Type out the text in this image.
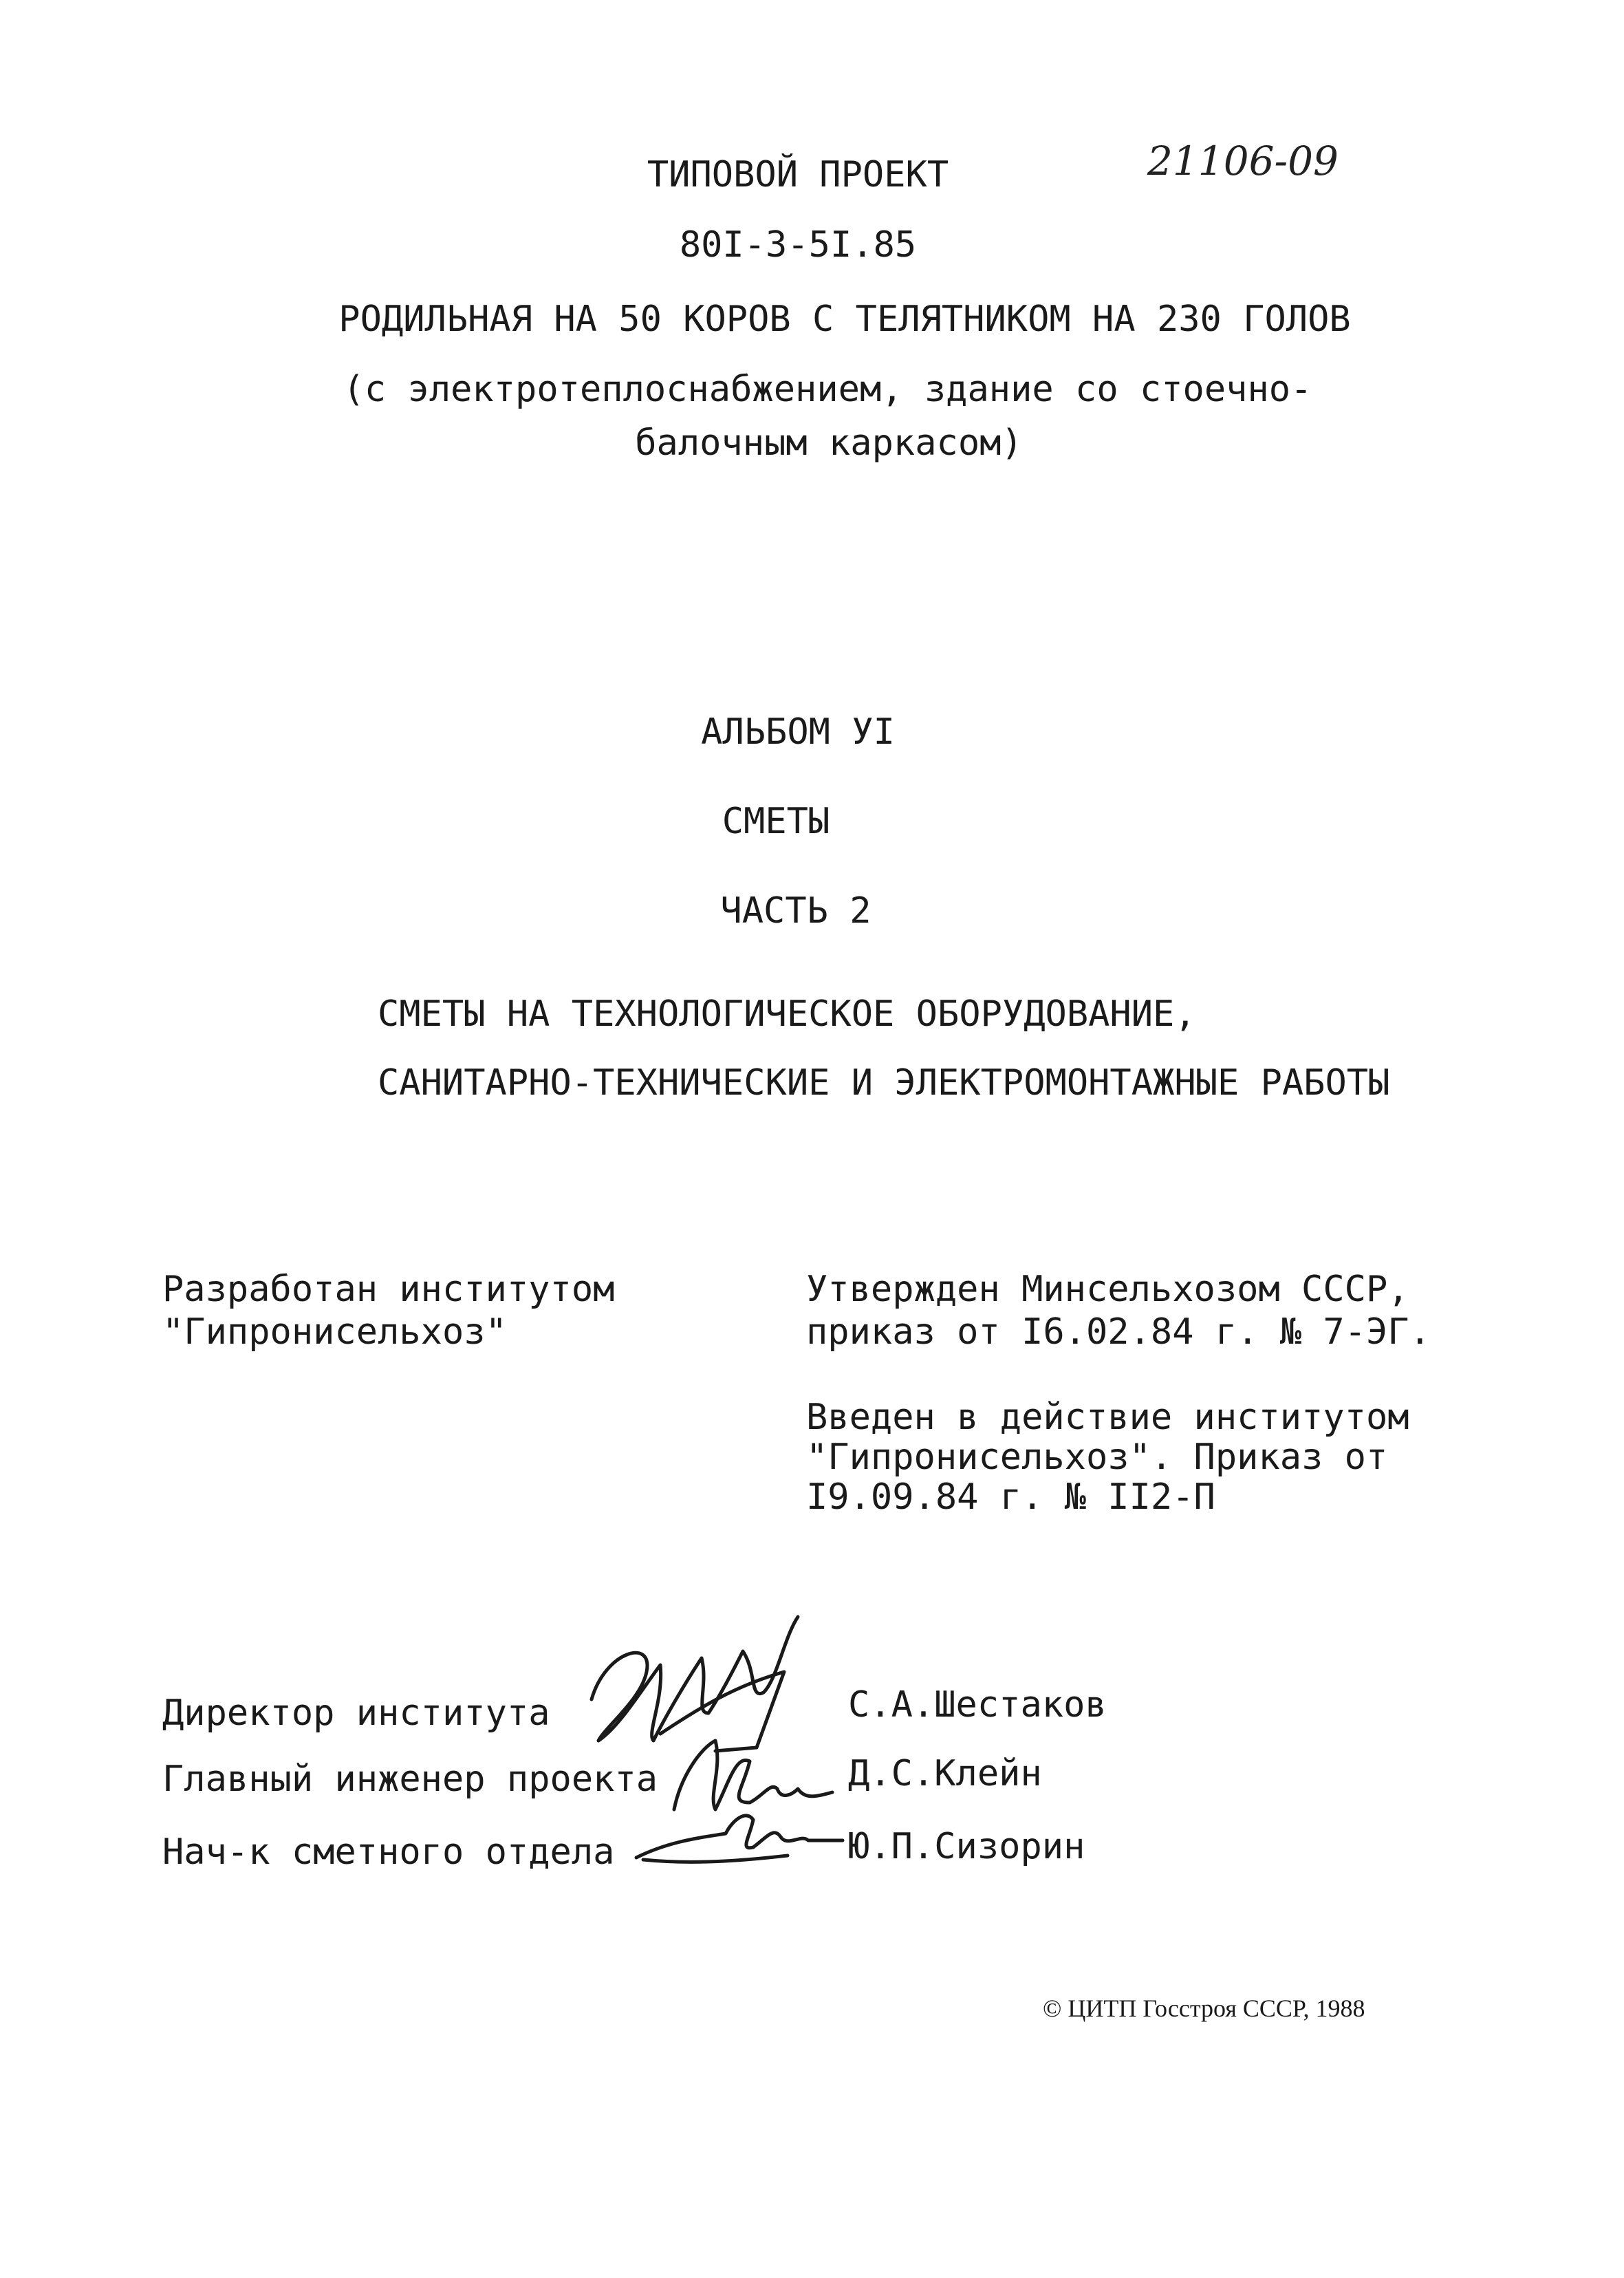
ТИПОВОЙ ПРОЕКТ	21106-09
80I-3-5I.85
РОДИЛЬНАЯ НА 50 КОРОВ С ТЕЛЯТНИКОМ НА 230 ГОЛОВ
(с электротеплоснабжением, здание со стоечно-
балочным каркасом)
АЛЬБОМ УI
СМЕТЫ
ЧАСТЬ 2
СМЕТЫ НА ТЕХНОЛОГИЧЕСКОЕ ОБОРУДОВАНИЕ,
САНИТАРНО-ТЕХНИЧЕСКИЕ И ЭЛЕКТРОМОНТАЖНЫЕ РАБОТЫ
Разработан институтом
"Гипронисельхоз"
Утвержден Минсельхозом СССР,
приказ от I6.02.84 г. № 7-ЭГ.
Введен в действие институтом
"Гипронисельхоз". Приказ от
I9.09.84 г. № II2-П
Директор института	С.А.Шестаков
Главный инженер проекта	Д.С.Клейн
Нач-к сметного отдела	Ю.П.Сизорин
© ЦИТП Госстроя СССР, 1988
